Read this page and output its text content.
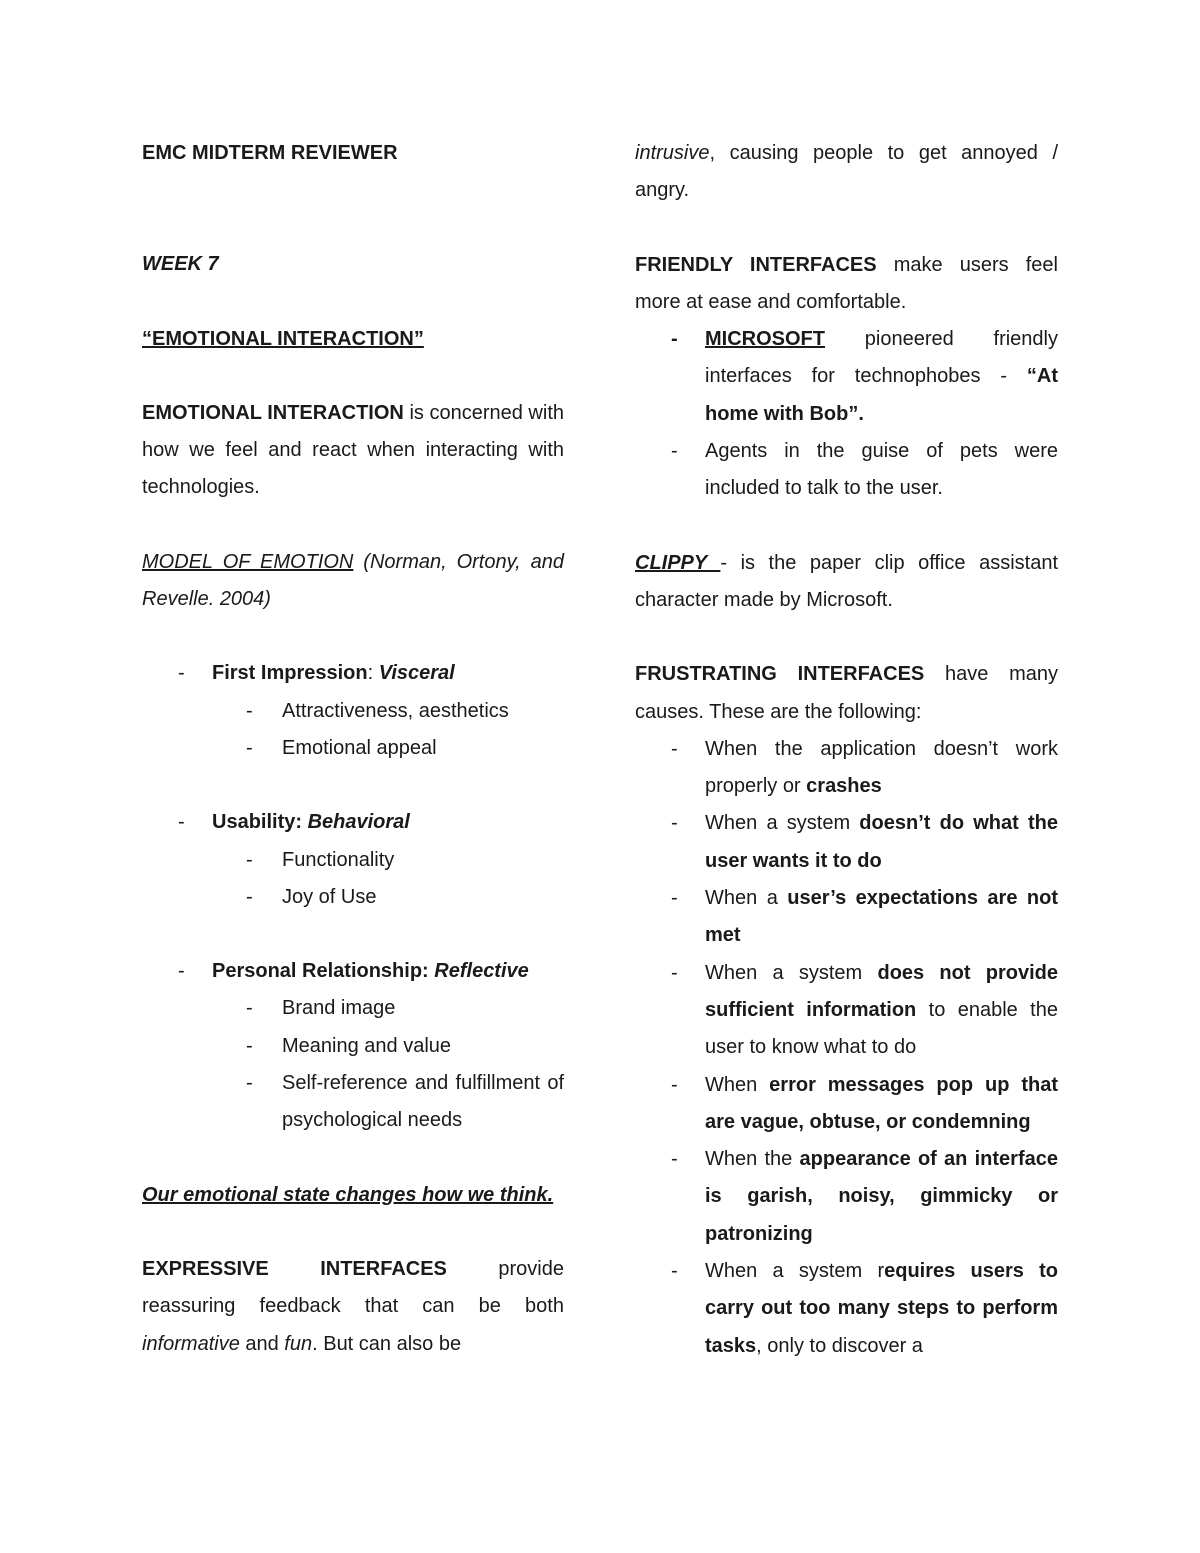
EMC MIDTERM REVIEWER

WEEK 7

“EMOTIONAL INTERACTION”

EMOTIONAL INTERACTION is concerned with how we feel and react when interacting with technologies.

MODEL OF EMOTION (Norman, Ortony, and Revelle. 2004)

- First Impression: Visceral
- Attractiveness, aesthetics
- Emotional appeal
- Usability: Behavioral
- Functionality
- Joy of Use
- Personal Relationship: Reflective
- Brand image
- Meaning and value
- Self-reference and fulfillment of psychological needs

Our emotional state changes how we think.

EXPRESSIVE INTERFACES provide reassuring feedback that can be both informative and fun. But can also be

intrusive, causing people to get annoyed / angry.

FRIENDLY INTERFACES make users feel more at ease and comfortable.

- MICROSOFT pioneered friendly interfaces for technophobes - “At home with Bob”.
- Agents in the guise of pets were included to talk to the user.

CLIPPY - is the paper clip office assistant character made by Microsoft.

FRUSTRATING INTERFACES have many causes. These are the following:

- When the application doesn’t work properly or crashes
- When a system doesn’t do what the user wants it to do
- When a user’s expectations are not met
- When a system does not provide sufficient information to enable the user to know what to do
- When error messages pop up that are vague, obtuse, or condemning
- When the appearance of an interface is garish, noisy, gimmicky or patronizing
- When a system requires users to carry out too many steps to perform tasks, only to discover a
